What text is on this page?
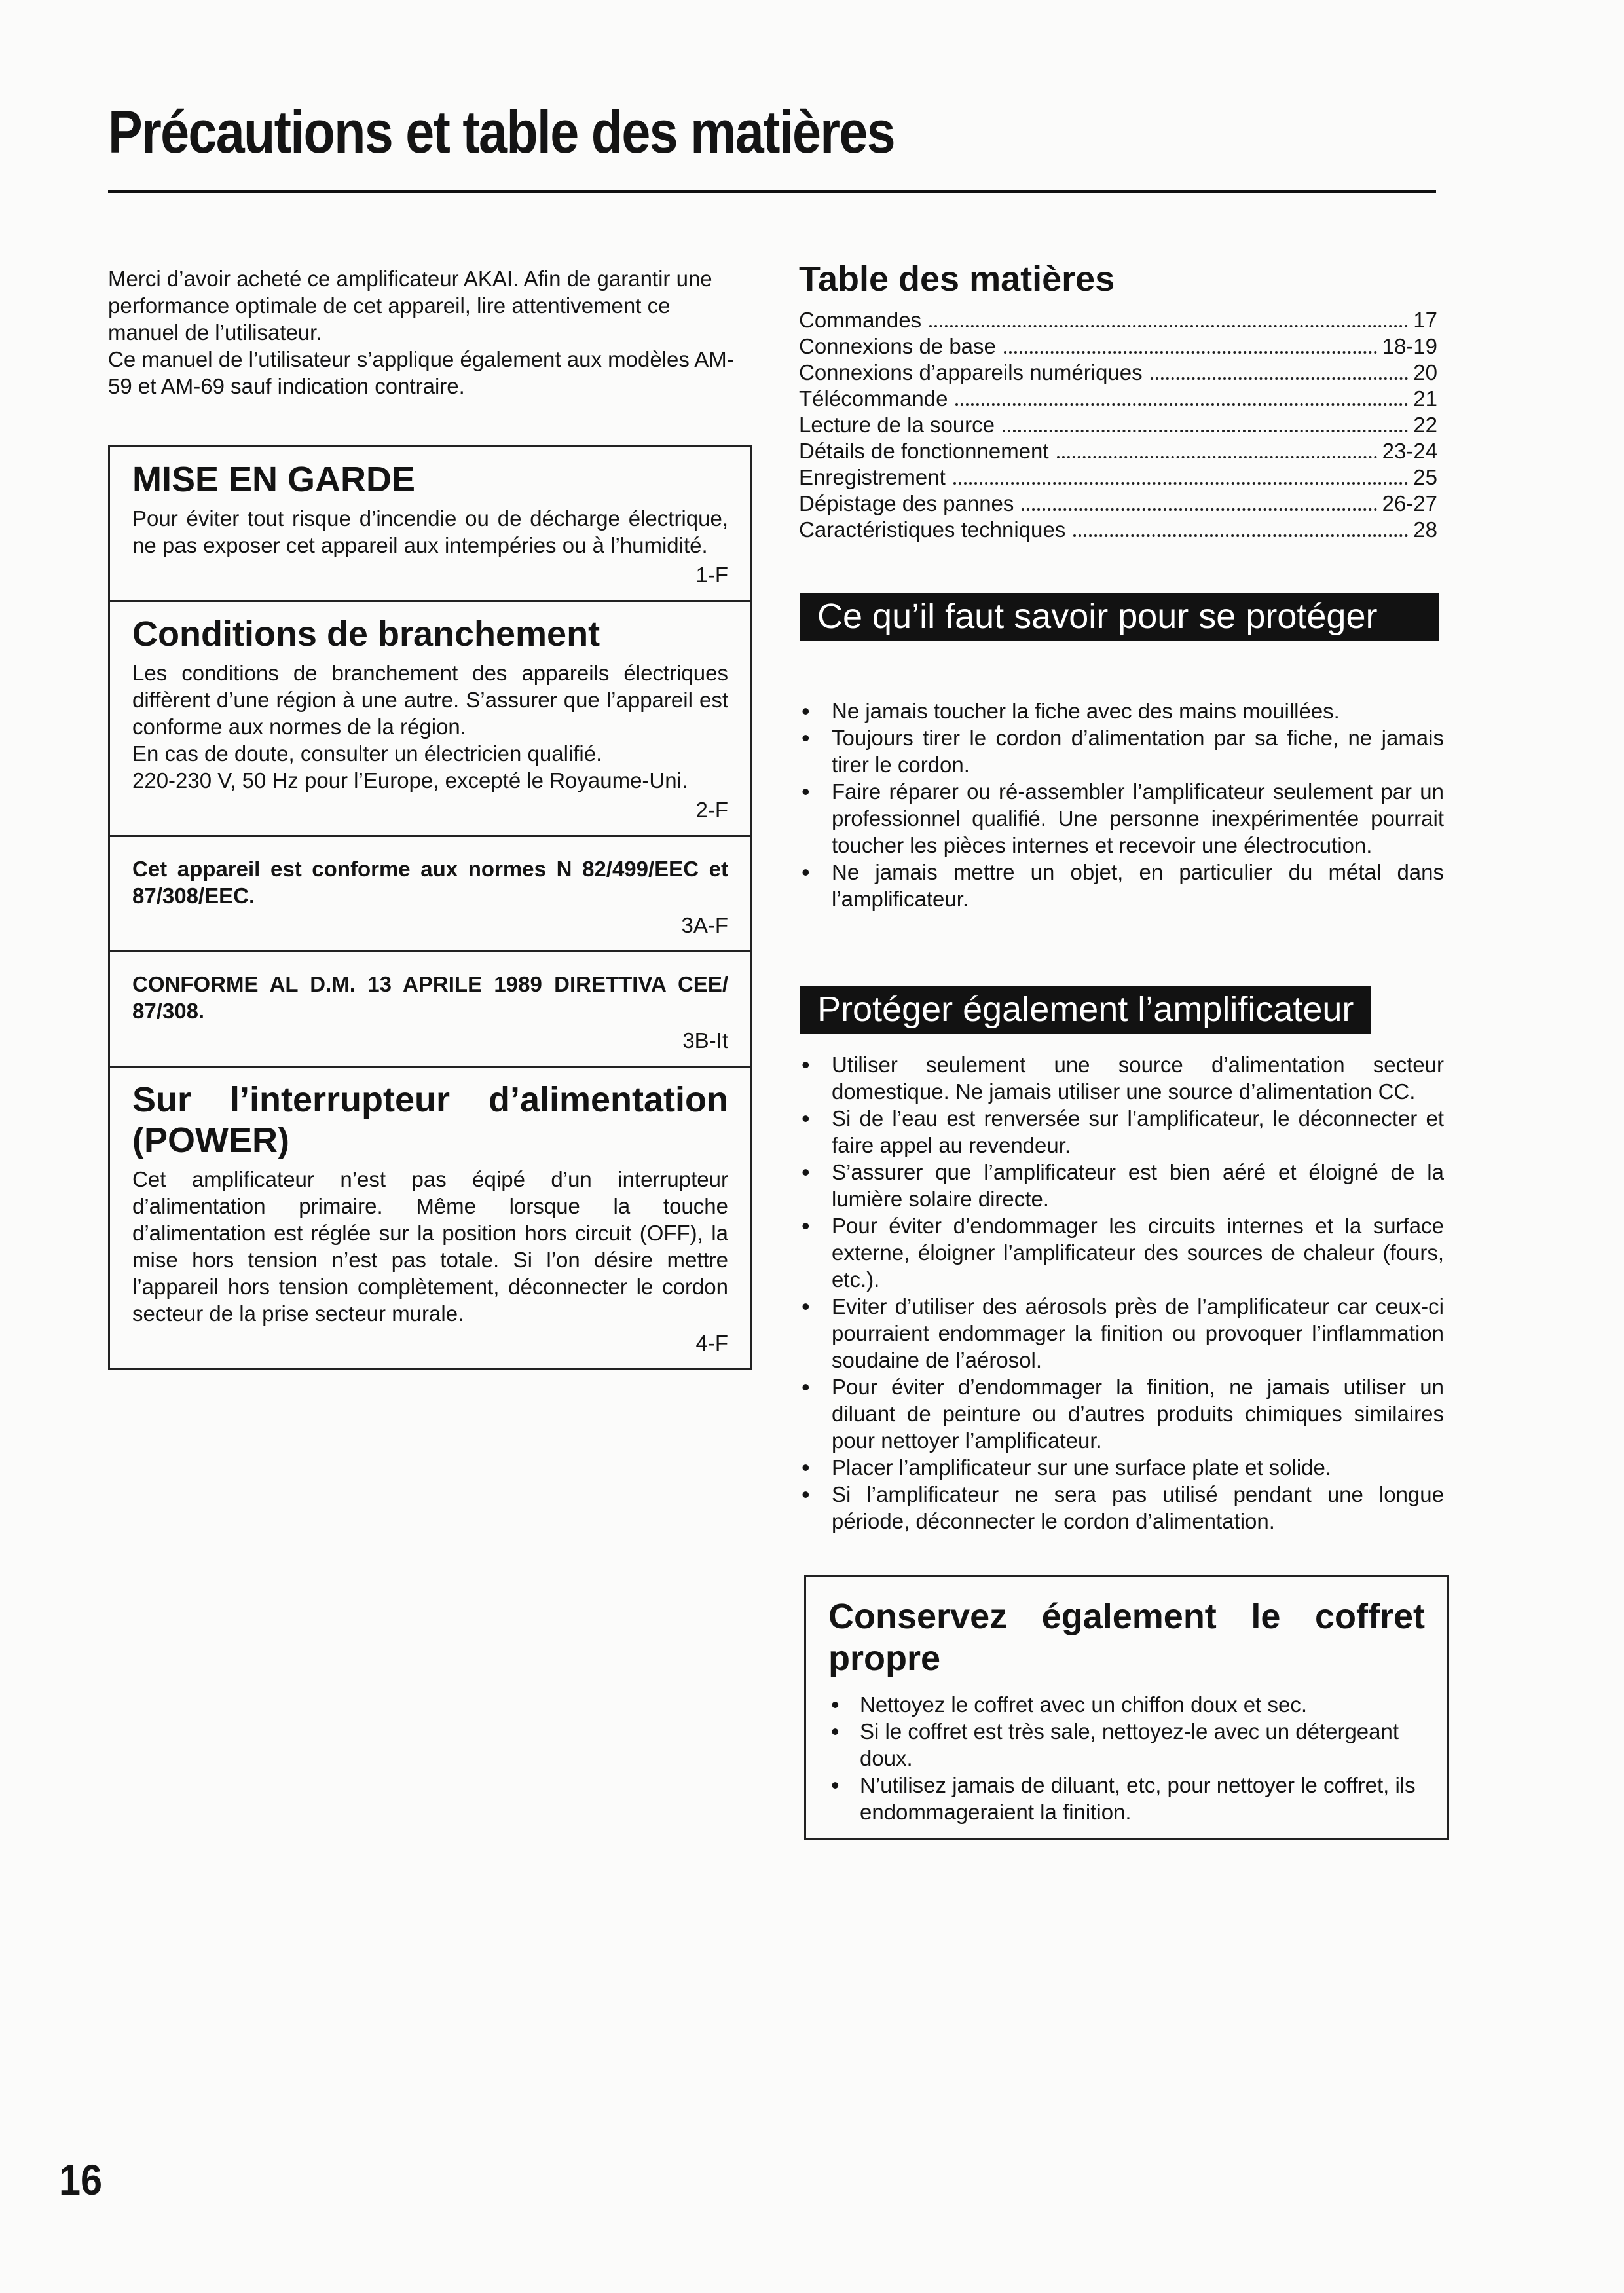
Précautions et table des matières

Merci d’avoir acheté ce amplificateur AKAI. Afin de garantir une performance optimale de cet appareil, lire attentivement ce manuel de l’utilisateur.

Ce manuel de l’utilisateur s’applique également aux modèles AM-59 et AM-69 sauf indication contraire.

MISE EN GARDE

Pour éviter tout risque d’incendie ou de décharge électrique, ne pas exposer cet appareil aux intempéries ou à l’humidité.

1-F
Conditions de branchement

Les conditions de branchement des appareils électriques diffèrent d’une région à une autre. S’assurer que l’appareil est conforme aux normes de la région.

En cas de doute, consulter un électricien qualifié.

220-230 V, 50 Hz pour l’Europe, excepté le Royaume-Uni.

2-F

Cet appareil est conforme aux normes N 82/499/EEC et 87/308/EEC.

3A-F

CONFORME AL D.M. 13 APRILE 1989 DIRETTIVA CEE/ 87/308.

3B-It
Sur l’interrupteur d’alimentation (POWER)

Cet amplificateur n’est pas éqipé d’un interrupteur d’alimentation primaire. Même lorsque la touche d’alimentation est réglée sur la position hors circuit (OFF), la mise hors tension n’est pas totale. Si l’on désire mettre l’appareil hors tension complètement, déconnecter le cordon secteur de la prise secteur murale.

4-F
Table des matières
Commandes	17
Connexions de base	18-19
Connexions d’appareils numériques	20
Télécommande	21
Lecture de la source	22
Détails de fonctionnement	23-24
Enregistrement	25
Dépistage des pannes	26-27
Caractéristiques techniques	28
Ce qu’il faut savoir pour se protéger
• Ne jamais toucher la fiche avec des mains mouillées.
• Toujours tirer le cordon d’alimentation par sa fiche, ne jamais tirer le cordon.
• Faire réparer ou ré-assembler l’amplificateur seulement par un professionnel qualifié. Une personne inexpérimentée pourrait toucher les pièces internes et recevoir une électrocution.
• Ne jamais mettre un objet, en particulier du métal dans l’amplificateur.
Protéger également l’amplificateur
• Utiliser seulement une source d’alimentation secteur domestique. Ne jamais utiliser une source d’alimentation CC.
• Si de l’eau est renversée sur l’amplificateur, le déconnecter et faire appel au revendeur.
• S’assurer que l’amplificateur est bien aéré et éloigné de la lumière solaire directe.
• Pour éviter d’endommager les circuits internes et la surface externe, éloigner l’amplificateur des sources de chaleur (fours, etc.).
• Eviter d’utiliser des aérosols près de l’amplificateur car ceux-ci pourraient endommager la finition ou provoquer l’inflammation soudaine de l’aérosol.
• Pour éviter d’endommager la finition, ne jamais utiliser un diluant de peinture ou d’autres produits chimiques similaires pour nettoyer l’amplificateur.
• Placer l’amplificateur sur une surface plate et solide.
• Si l’amplificateur ne sera pas utilisé pendant une longue période, déconnecter le cordon d’alimentation.
Conservez également le coffret propre
• Nettoyez le coffret avec un chiffon doux et sec.
• Si le coffret est très sale, nettoyez-le avec un détergeant doux.
• N’utilisez jamais de diluant, etc, pour nettoyer le coffret, ils endommageraient la finition.
16
